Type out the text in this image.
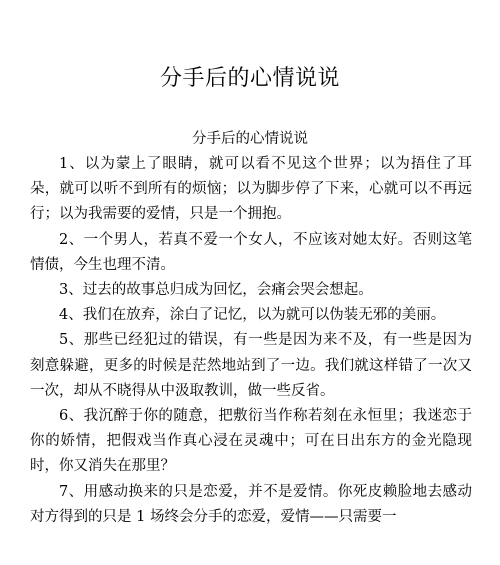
分手后的心情说说

分手后的心情说说

1、以为蒙上了眼睛，就可以看不见这个世界；以为捂住了耳朵，就可以听不到所有的烦恼；以为脚步停了下来，心就可以不再远行；以为我需要的爱情，只是一个拥抱。

2、一个男人，若真不爱一个女人，不应该对她太好。否则这笔情债，今生也理不清。

3、过去的故事总归成为回忆，会痛会哭会想起。

4、我们在放弃，涂白了记忆，以为就可以伪装无邪的美丽。

5、那些已经犯过的错误，有一些是因为来不及，有一些是因为刻意躲避，更多的时候是茫然地站到了一边。我们就这样错了一次又一次，却从不晓得从中汲取教训，做一些反省。

6、我沉醉于你的随意，把敷衍当作称若刻在永恒里；我迷恋于你的娇情，把假戏当作真心浸在灵魂中；可在日出东方的金光隐现时，你又消失在那里？

7、用感动换来的只是恋爱，并不是爱情。你死皮赖脸地去感动对方得到的只是 1 场终会分手的恋爱，爱情——只需要一
